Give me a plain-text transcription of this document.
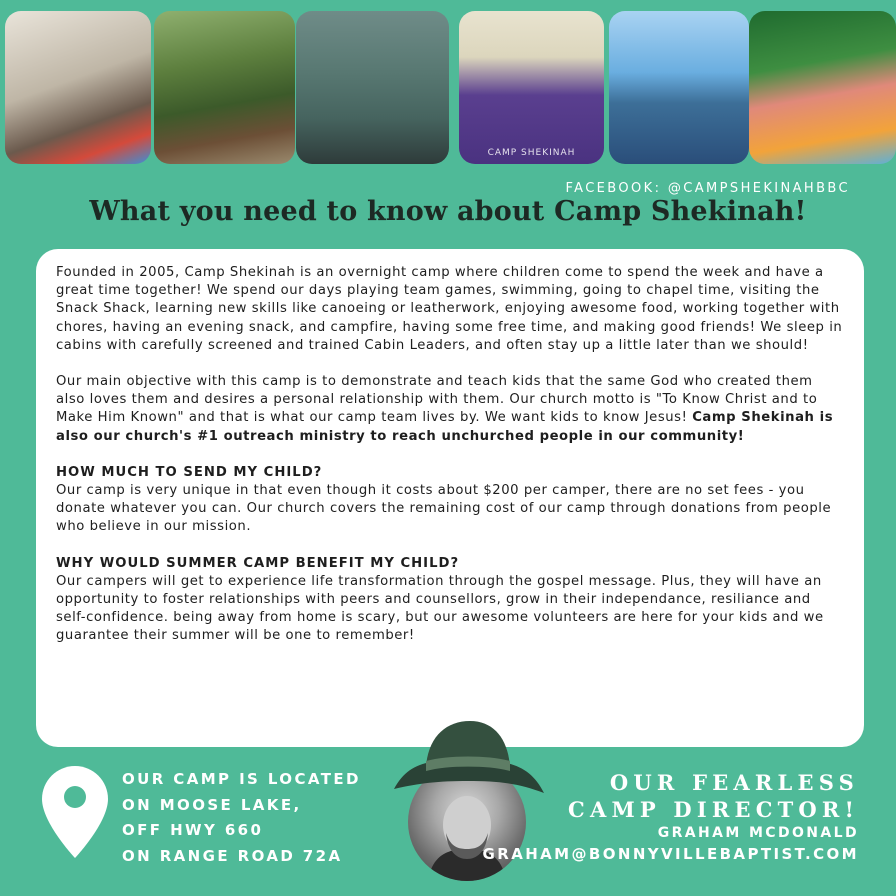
CAMP SHEKINAH
FACEBOOK: @CAMPSHEKINAHBBC
What you need to know about Camp Shekinah!

Founded in 2005, Camp Shekinah is an overnight camp where children come to spend the week and have a great time together! We spend our days playing team games, swimming, going to chapel time, visiting the Snack Shack, learning new skills like canoeing or leatherwork, enjoying awesome food, working together with chores, having an evening snack, and campfire, having some free time, and making good friends! We sleep in cabins with carefully screened and trained Cabin Leaders, and often stay up a little later than we should!

Our main objective with this camp is to demonstrate and teach kids that the same God who created them also loves them and desires a personal relationship with them. Our church motto is "To Know Christ and to Make Him Known" and that is what our camp team lives by. We want kids to know Jesus! Camp Shekinah is also our church's #1 outreach ministry to reach unchurched people in our community!

HOW MUCH TO SEND MY CHILD?

Our camp is very unique in that even though it costs about $200 per camper, there are no set fees - you donate whatever you can. Our church covers the remaining cost of our camp through donations from people who believe in our mission.

WHY WOULD SUMMER CAMP BENEFIT MY CHILD?

Our campers will get to experience life transformation through the gospel message. Plus, they will have an opportunity to foster relationships with peers and counsellors, grow in their independance, resiliance and self-confidence. being away from home is scary, but our awesome volunteers are here for your kids and we guarantee their summer will be one to remember!

OUR CAMP IS LOCATED
ON MOOSE LAKE,
OFF HWY 660
ON RANGE ROAD 72A
OUR FEARLESS
CAMP DIRECTOR!
GRAHAM MCDONALD
GRAHAM@BONNYVILLEBAPTIST.COM
